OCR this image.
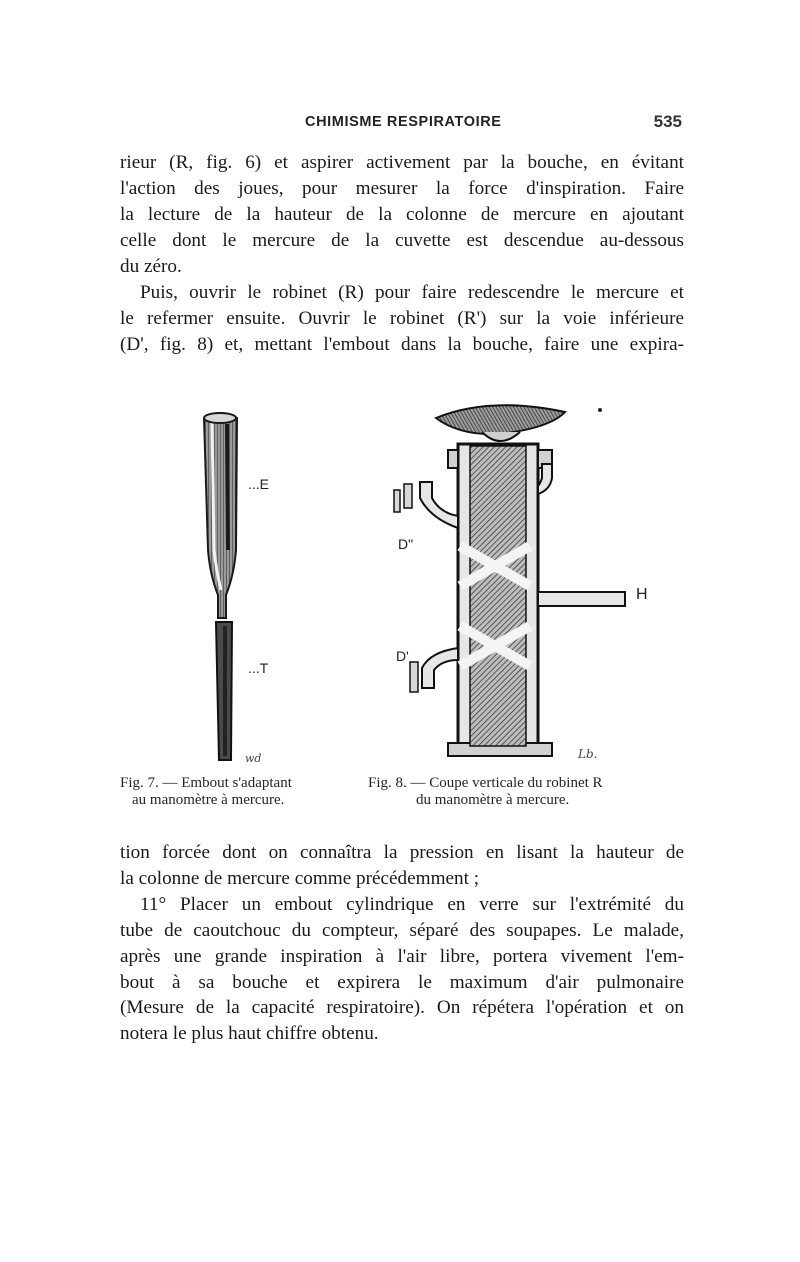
CHIMISME RESPIRATOIRE	535
rieur (R, fig. 6) et aspirer activement par la bouche, en évitant
l'action des joues, pour mesurer la force d'inspiration. Faire
la lecture de la hauteur de la colonne de mercure en ajoutant
celle dont le mercure de la cuvette est descendue au-dessous
du zéro.
Puis, ouvrir le robinet (R) pour faire redescendre le mercure et
le refermer ensuite. Ouvrir le robinet (R') sur la voie inférieure
(D', fig. 8) et, mettant l'embout dans la bouche, faire une expira-
wd
...E
...T
Lb.
D"
D'
H
Fig. 7. — Embout s'adaptant
au manomètre à mercure.
Fig. 8. — Coupe verticale du robinet R
du manomètre à mercure.
tion forcée dont on connaîtra la pression en lisant la hauteur de
la colonne de mercure comme précédemment ;
11° Placer un embout cylindrique en verre sur l'extrémité du
tube de caoutchouc du compteur, séparé des soupapes. Le malade,
après une grande inspiration à l'air libre, portera vivement l'em-
bout à sa bouche et expirera le maximum d'air pulmonaire
(Mesure de la capacité respiratoire). On répétera l'opération et on
notera le plus haut chiffre obtenu.
